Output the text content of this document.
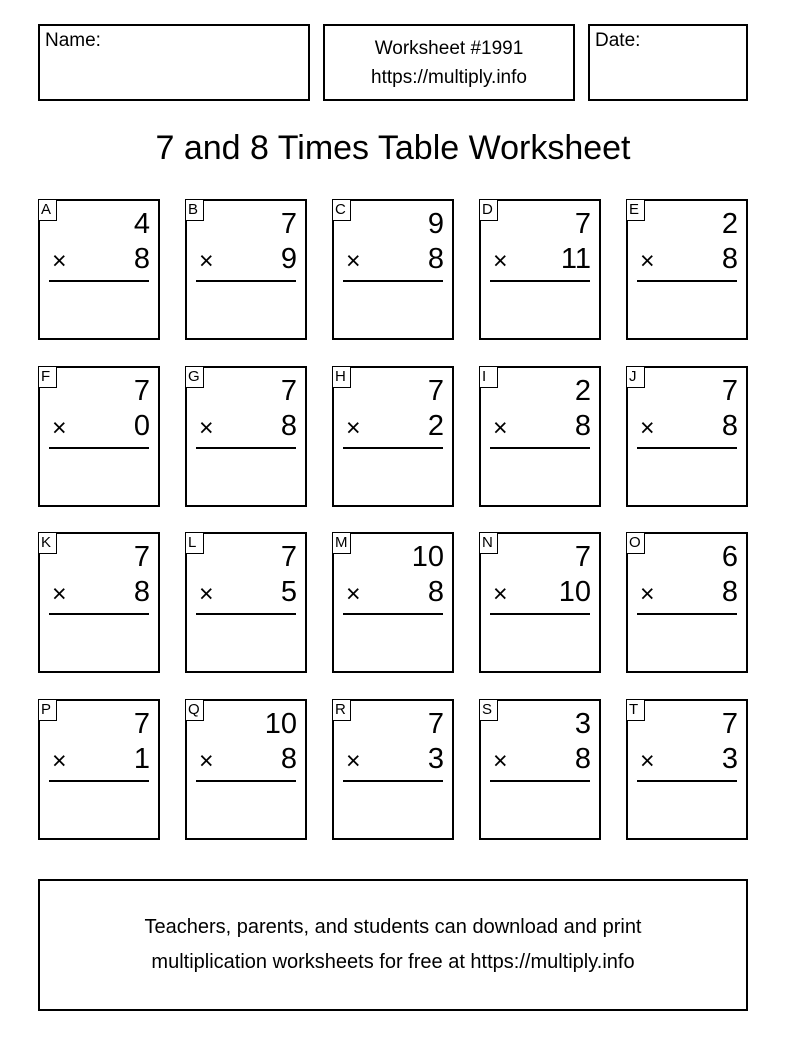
Name:	Worksheet #1991
https://multiply.info
Date:
7 and 8 Times Table Worksheet
A	4
× 8
B	7
× 9
C	9
× 8
D	7
× 11
E	2
× 8
F	7
× 0
G	7
× 8
H	7
× 2
I	2
× 8
J	7
× 8
K	7
× 8
L	7
× 5
M 10
× 8
N	7
× 10
O	6
× 8
P	7
× 1
Q 10
× 8
R	7
× 3
S	3
× 8
T	7
× 3
Teachers, parents, and students can download and print
multiplication worksheets for free at https://multiply.info
